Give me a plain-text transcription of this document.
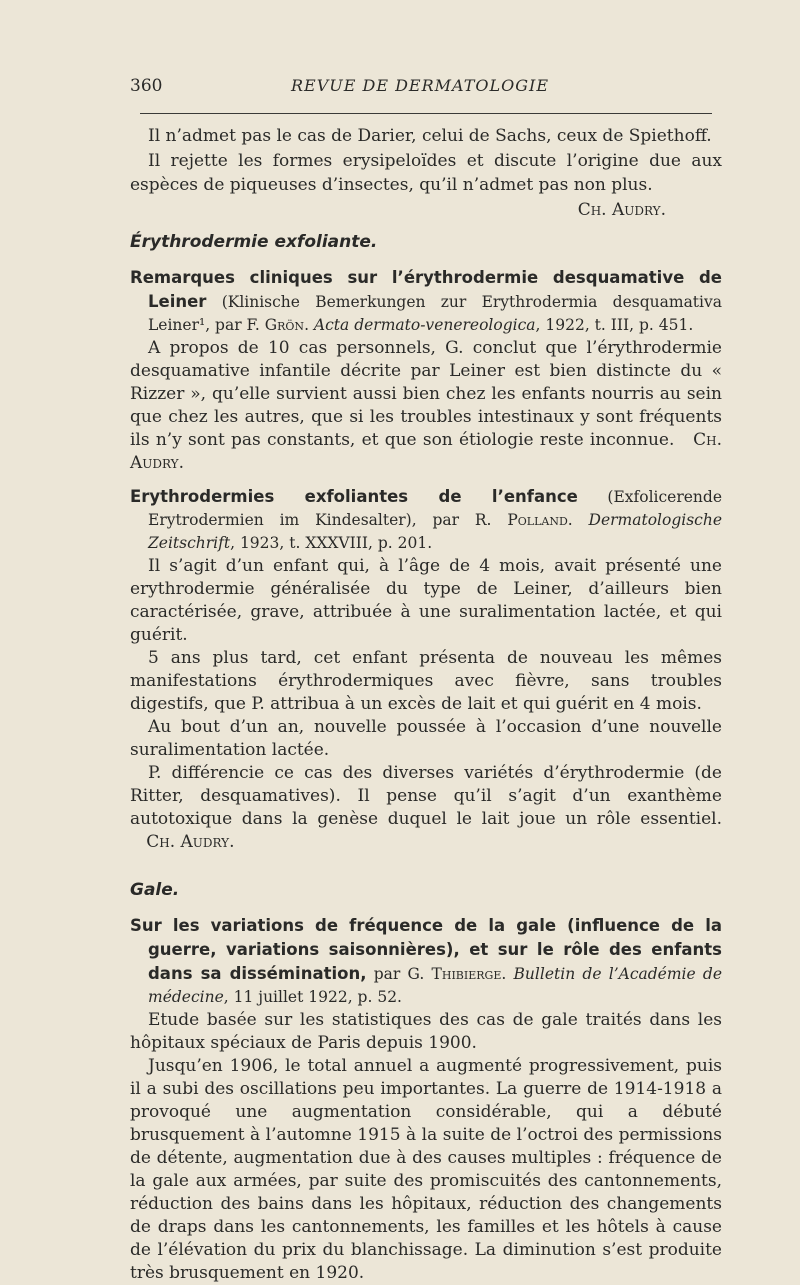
360	REVUE DE DERMATOLOGIE

Il n’admet pas le cas de Darier, celui de Sachs, ceux de Spiethoff.

Il rejette les formes erysipeloïdes et discute l’origine due aux espèces de piqueuses d’insectes, qu’il n’admet pas non plus.

Ch. Audry.

Érythrodermie exfoliante.

Remarques cliniques sur l’érythrodermie desquamative de Leiner (Klinische Bemerkungen zur Erythrodermia desquamativa Leiner¹, par F. Grön. Acta dermato-venereologica, 1922, t. III, p. 451.

A propos de 10 cas personnels, G. conclut que l’érythrodermie desquamative infantile décrite par Leiner est bien distincte du « Rizzer », qu’elle survient aussi bien chez les enfants nourris au sein que chez les autres, que si les troubles intestinaux y sont fréquents ils n’y sont pas constants, et que son étiologie reste inconnue. Ch. Audry.

Erythrodermies exfoliantes de l’enfance (Exfolicerende Erytrodermien im Kindesalter), par R. Polland. Dermatologische Zeitschrift, 1923, t. XXXVIII, p. 201.

Il s’agit d’un enfant qui, à l’âge de 4 mois, avait présenté une erythrodermie généralisée du type de Leiner, d’ailleurs bien caractérisée, grave, attribuée à une suralimentation lactée, et qui guérit.

5 ans plus tard, cet enfant présenta de nouveau les mêmes manifestations érythrodermiques avec fièvre, sans troubles digestifs, que P. attribua à un excès de lait et qui guérit en 4 mois.

Au bout d’un an, nouvelle poussée à l’occasion d’une nouvelle suralimentation lactée.

P. différencie ce cas des diverses variétés d’érythrodermie (de Ritter, desquamatives). Il pense qu’il s’agit d’un exanthème autotoxique dans la genèse duquel le lait joue un rôle essentiel.    Ch. Audry.

Gale.

Sur les variations de fréquence de la gale (influence de la guerre, variations saisonnières), et sur le rôle des enfants dans sa dissémination, par G. Thibierge. Bulletin de l’Académie de médecine, 11 juillet 1922, p. 52.

Etude basée sur les statistiques des cas de gale traités dans les hôpitaux spéciaux de Paris depuis 1900.

Jusqu’en 1906, le total annuel a augmenté progressivement, puis il a subi des oscillations peu importantes. La guerre de 1914-1918 a provoqué une augmentation considérable, qui a débuté brusquement à l’automne 1915 à la suite de l’octroi des permissions de détente, augmentation due à des causes multiples : fréquence de la gale aux armées, par suite des promiscuités des cantonnements, réduction des bains dans les hôpitaux, réduction des changements de draps dans les cantonnements, les familles et les hôtels à cause de l’élévation du prix du blanchissage. La diminution s’est produite très brusquement en 1920.
